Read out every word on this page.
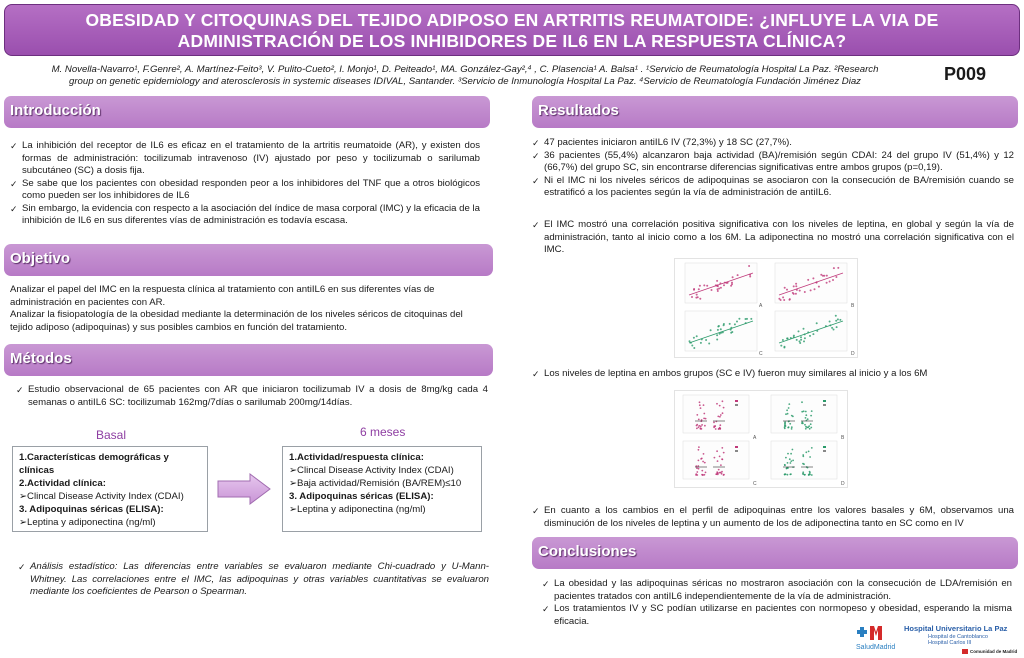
OBESIDAD Y CITOQUINAS DEL TEJIDO ADIPOSO EN ARTRITIS REUMATOIDE: ¿INFLUYE LA VIA DE
ADMINISTRACIÓN DE LOS INHIBIDORES DE IL6 EN LA RESPUESTA CLÍNICA?
M. Novella-Navarro¹, F.Genre², A. Martínez-Feito³, V. Pulito-Cueto², I. Monjo¹, D. Peiteado¹, MA. González-Gay²,⁴ , C. Plasencia¹ A. Balsa¹ . ¹Servicio de Reumatología Hospital La Paz. ²Research
group on genetic epidemiology and aterosclerosis in systemic diseases IDIVAL, Santander. ³Servicio de Inmunología Hospital La Paz. ⁴Servicio de Reumatología Fundación Jiménez Diaz	P009
Introducción
✓ La inhibición del receptor de IL6 es eficaz en el tratamiento de la artritis reumatoide (AR), y existen dos formas de administración: tocilizumab intravenoso (IV) ajustado por peso y tocilizumab o sarilumab subcutáneo (SC) a dosis fija.
✓ Se sabe que los pacientes con obesidad responden peor a los inhibidores del TNF que a otros biológicos como pueden ser los inhibidores de IL6
✓ Sin embargo, la evidencia con respecto a la asociación del índice de masa corporal (IMC) y la eficacia de la inhibición de IL6 en sus diferentes vías de administración es todavía escasa.
Objetivo
Analizar el papel del IMC en la respuesta clínica al tratamiento con antiIL6 en sus diferentes vías de administración en pacientes con AR.
Analizar la fisiopatología de la obesidad mediante la determinación de los niveles séricos de citoquinas del tejido adiposo (adipoquinas) y sus posibles cambios en función del tratamiento.
Métodos
✓ Estudio observacional de 65 pacientes con AR que iniciaron tocilizumab IV a dosis de 8mg/kg cada 4 semanas o antiIL6 SC: tocilizumab 162mg/7días o sarilumab 200mg/14días.
Basal	6 meses
1.Características demográficas y clínicas
2.Actividad clínica:
➢Clincal Disease Activity Index (CDAI)
3. Adipoquinas séricas (ELISA):
➢Leptina y adiponectina (ng/ml)
1.Actividad/respuesta clínica:
➢Clincal Disease Activity Index (CDAI)
➢Baja actividad/Remisión (BA/REM)≤10
3. Adipoquinas séricas (ELISA):
➢Leptina y adiponectina (ng/ml)
✓ Análisis estadístico: Las diferencias entre variables se evaluaron mediante Chi-cuadrado y U-Mann-Whitney. Las correlaciones entre el IMC, las adipoquinas y otras variables cuantitativas se evaluaron mediante los coeficientes de Pearson o Spearman.
Resultados
✓ 47 pacientes iniciaron antiIL6 IV (72,3%) y 18 SC (27,7%).
✓ 36 pacientes (55,4%) alcanzaron baja actividad (BA)/remisión según CDAI: 24 del grupo IV (51,4%) y 12 (66,7%) del grupo SC, sin encontrarse diferencias significativas entre ambos grupos (p=0,19).
✓ Ni el IMC ni los niveles séricos de adipoquinas se asociaron con la consecución de BA/remisión cuando se estratificó a los pacientes según la vía de administración de antiIL6.
✓ El IMC mostró una correlación positiva significativa con los niveles de leptina, en global y según la vía de administración, tanto al inicio como a los 6M. La adiponectina no mostró una correlación significativa con el IMC.
A	B
C	D
✓ Los niveles de leptina en ambos grupos (SC e IV) fueron muy similares al inicio y a los 6M
A	B
C	D
✓ En cuanto a los cambios en el perfil de adipoquinas entre los valores basales y 6M, observamos una disminución de los niveles de leptina y un aumento de los de adiponectina tanto en SC como en IV
Conclusiones
✓ La obesidad y las adipoquinas séricas no mostraron asociación con la consecución de LDA/remisión en pacientes tratados con antiIL6 independientemente de la vía de administración.
✓ Los tratamientos IV y SC podían utilizarse en pacientes con normopeso y obesidad, esperando la misma eficacia.
SaludMadrid
Hospital Universitario La Paz
Hospital de Cantoblanco
Hospital Carlos III
Comunidad de Madrid
